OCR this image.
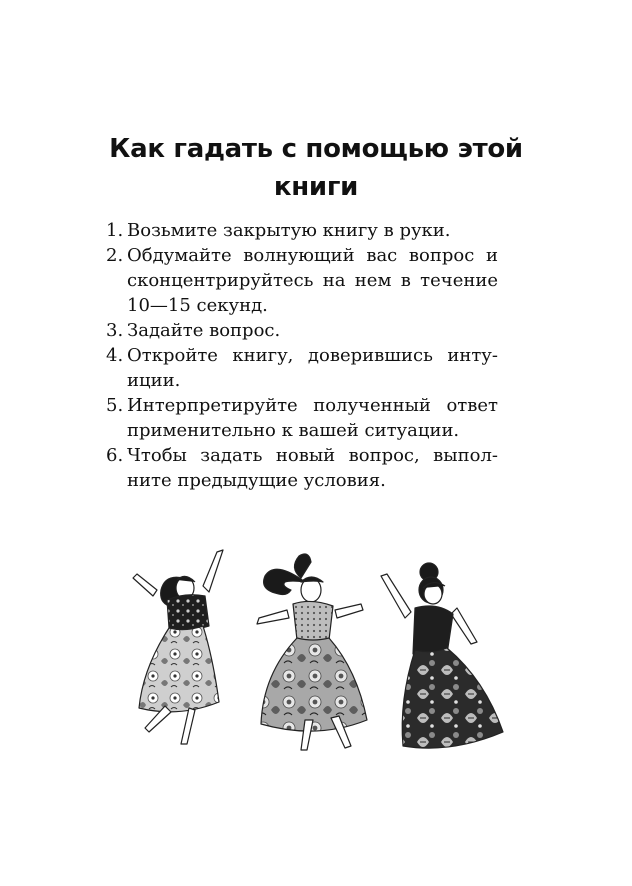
Как гадать с помощью этой
книги
1. Возьмите закрытую книгу в руки.
2. Обдумайте волнующий вас вопрос и сконцентрируйтесь на нем в течение 10—15 секунд.
3. Задайте вопрос.
4. Откройте книгу, доверившись интуиции.
5. Интерпретируйте полученный ответ применительно к вашей ситуации.
6. Чтобы задать новый вопрос, выполните предыдущие условия.
